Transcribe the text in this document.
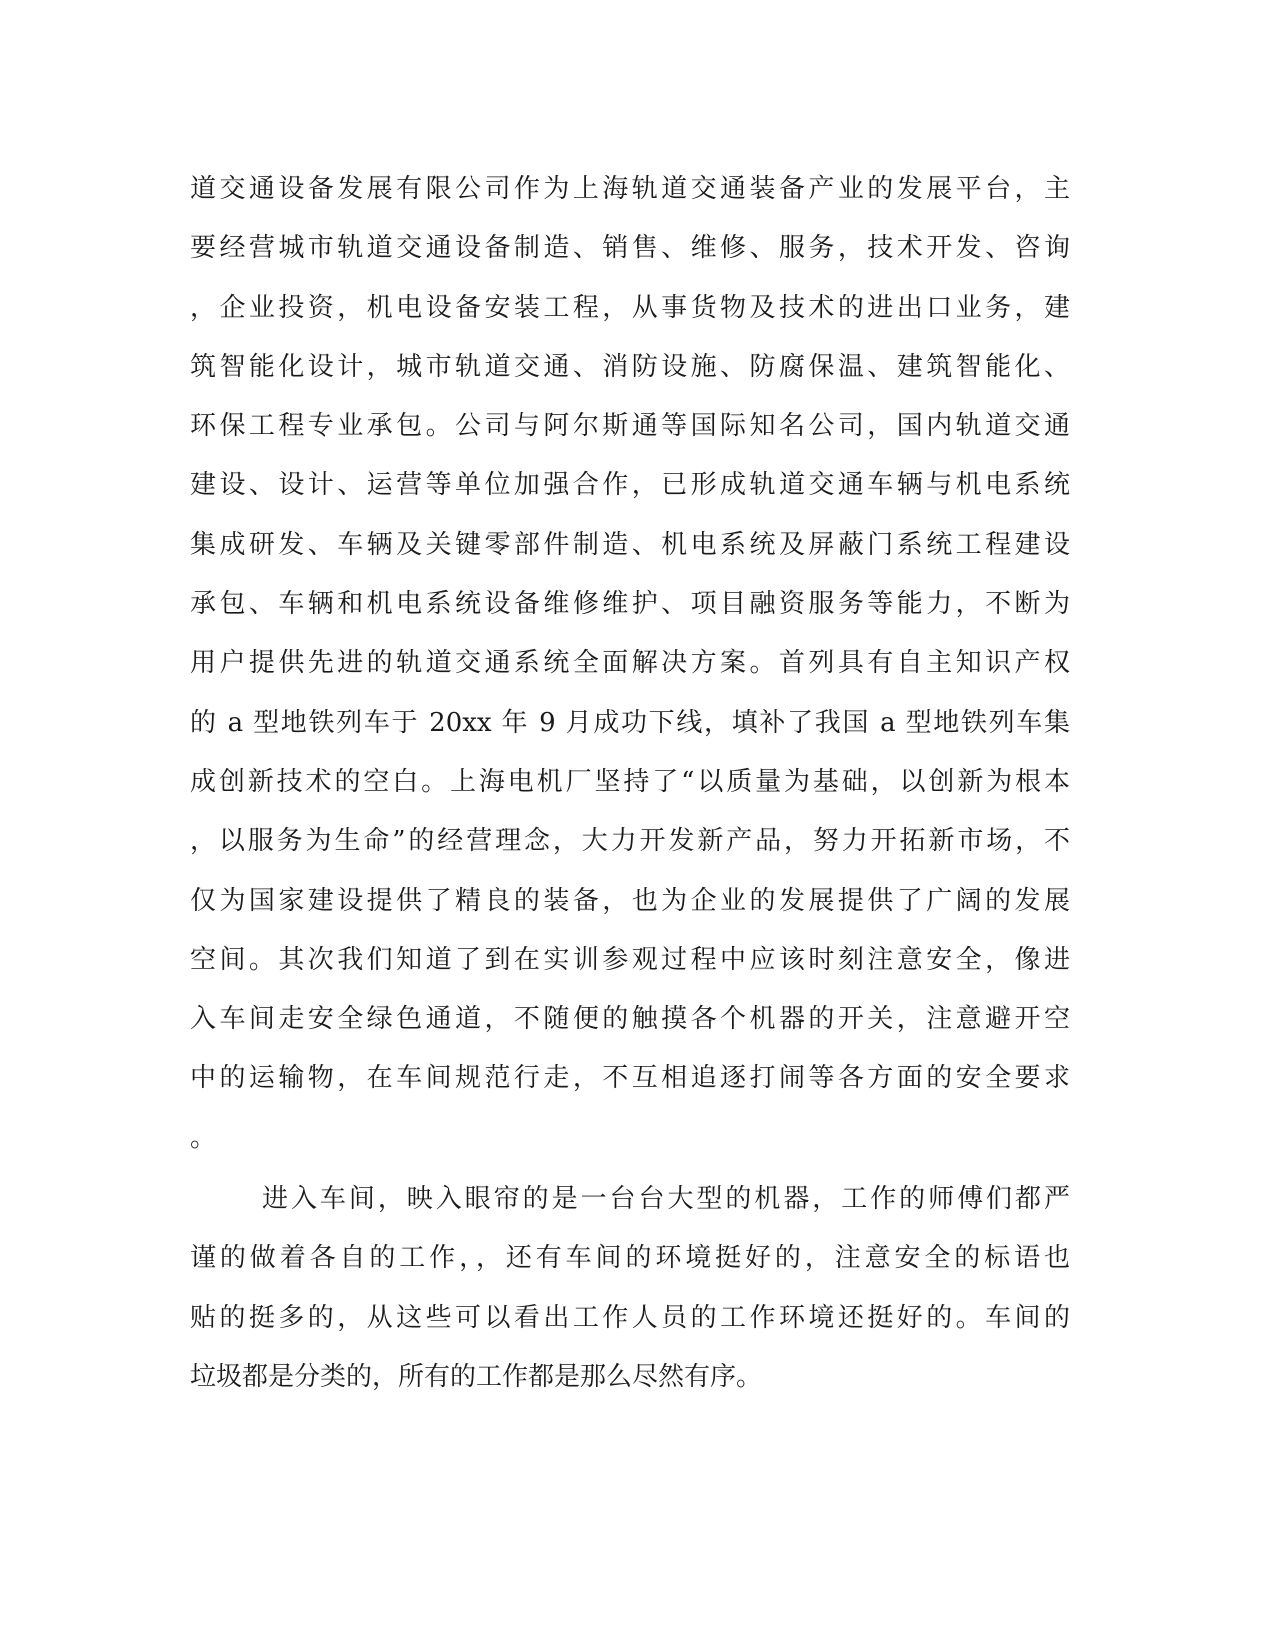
道交通设备发展有限公司作为上海轨道交通装备产业的发展平台，主
要经营城市轨道交通设备制造、销售、维修、服务，技术开发、咨询
，企业投资，机电设备安装工程，从事货物及技术的进出口业务，建
筑智能化设计，城市轨道交通、消防设施、防腐保温、建筑智能化、
环保工程专业承包。公司与阿尔斯通等国际知名公司，国内轨道交通
建设、设计、运营等单位加强合作，已形成轨道交通车辆与机电系统
集成研发、车辆及关键零部件制造、机电系统及屏蔽门系统工程建设
承包、车辆和机电系统设备维修维护、项目融资服务等能力，不断为
用户提供先进的轨道交通系统全面解决方案。首列具有自主知识产权
的 a 型地铁列车于 20xx 年 9 月成功下线，填补了我国 a 型地铁列车集
成创新技术的空白。上海电机厂坚持了“以质量为基础，以创新为根本
，以服务为生命”的经营理念，大力开发新产品，努力开拓新市场，不
仅为国家建设提供了精良的装备，也为企业的发展提供了广阔的发展
空间。其次我们知道了到在实训参观过程中应该时刻注意安全，像进
入车间走安全绿色通道，不随便的触摸各个机器的开关，注意避开空
中的运输物，在车间规范行走，不互相追逐打闹等各方面的安全要求
。
进入车间，映入眼帘的是一台台大型的机器，工作的师傅们都严
谨的做着各自的工作，，还有车间的环境挺好的，注意安全的标语也
贴的挺多的，从这些可以看出工作人员的工作环境还挺好的。车间的
垃圾都是分类的，所有的工作都是那么尽然有序。
